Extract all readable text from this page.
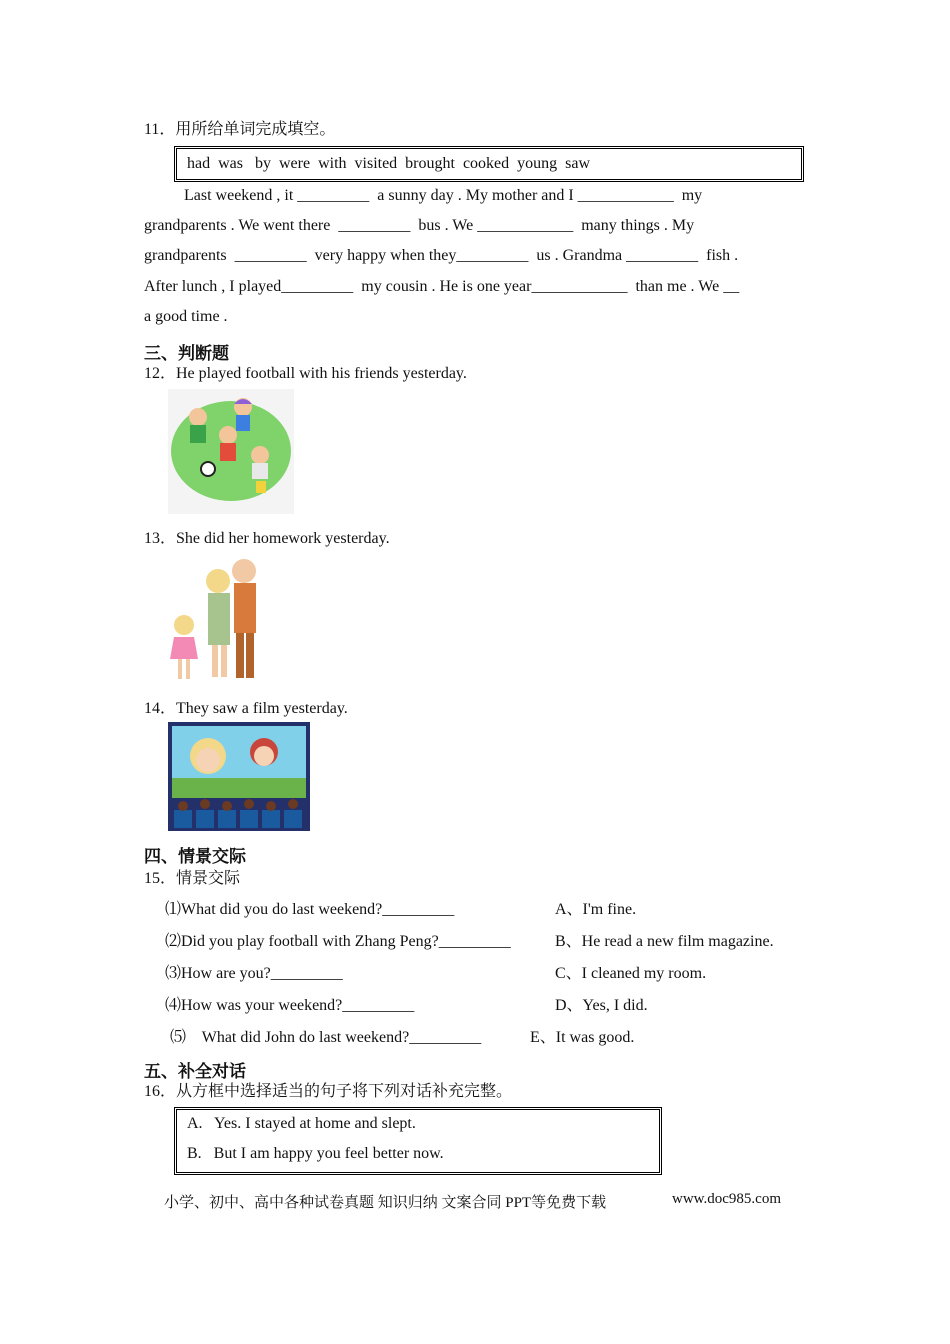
11．用所给单词完成填空。
had  was   by  were  with  visited  brought  cooked  young  saw
Last weekend , it _________  a sunny day . My mother and I ____________  my
grandparents . We went there  _________  bus . We ____________  many things . My
grandparents  _________  very happy when they_________  us . Grandma _________  fish .
After lunch , I played_________  my cousin . He is one year____________  than me . We __
a good time .
三、判断题
12．He played football with his friends yesterday.
13．She did her homework yesterday.
14．They saw a film yesterday.
四、情景交际
15．情景交际
⑴What did you do last weekend?_________	A、I'm fine.
⑵Did you play football with Zhang Peng?_________	B、He read a new film magazine.
⑶How are you?_________	C、I cleaned my room.
⑷How was your weekend?_________	D、Yes, I did.
⑸    What did John do last weekend?_________	E、It was good.
五、补全对话
16．从方框中选择适当的句子将下列对话补充完整。
A.   Yes. I stayed at home and slept.
B.   But I am happy you feel better now.
小学、初中、高中各种试卷真题 知识归纳 文案合同 PPT等免费下载	www.doc985.com
